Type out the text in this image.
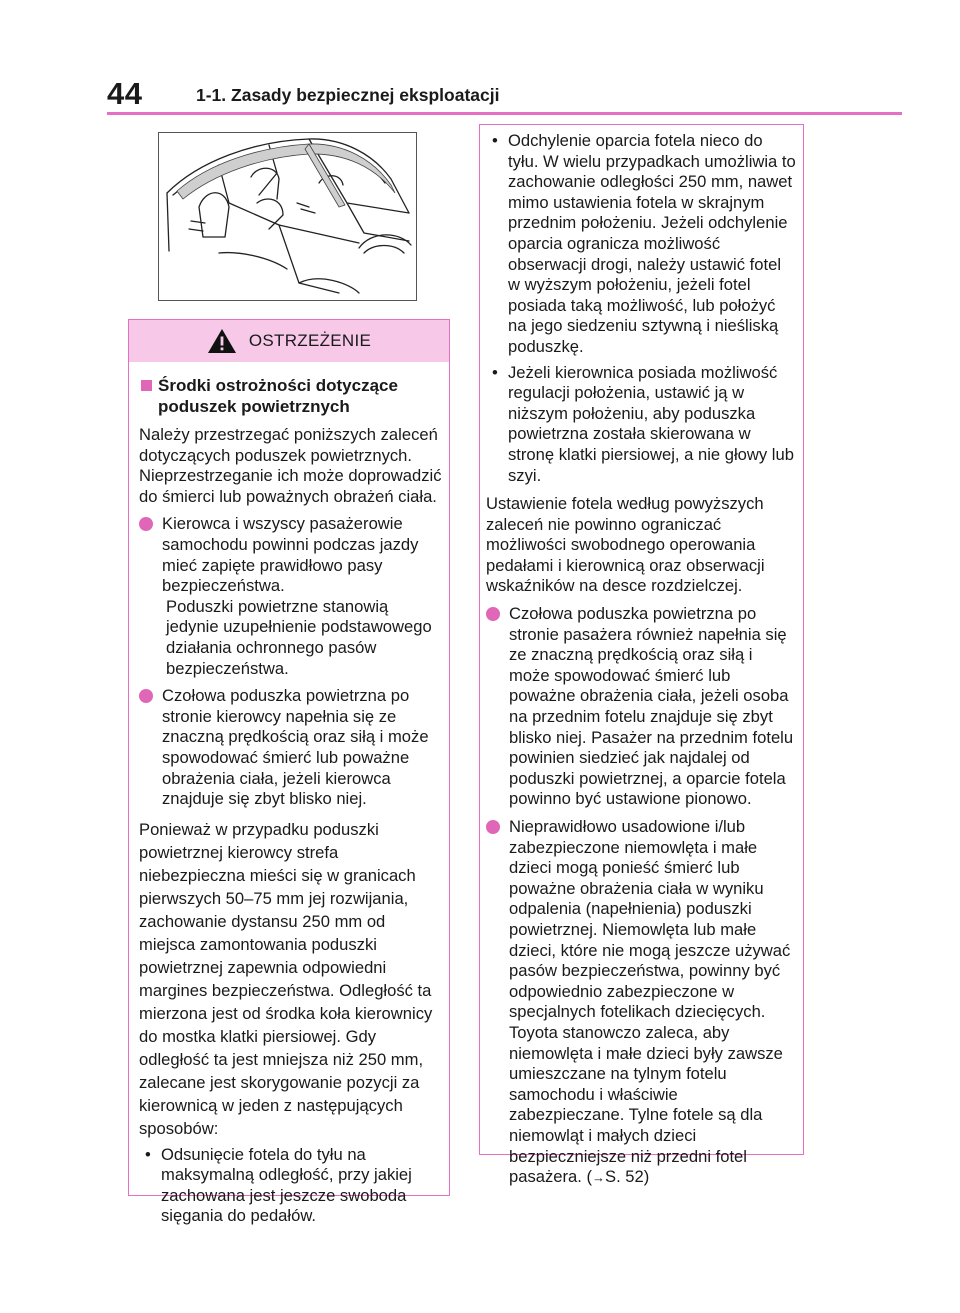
44	1-1. Zasady bezpiecznej eksploatacji
OSTRZEŻENIE
Środki ostrożności dotyczące poduszek powietrznych

Należy przestrzegać poniższych zaleceń dotyczących poduszek powietrznych. Nieprzestrzeganie ich może doprowadzić do śmierci lub poważnych obrażeń ciała.

Kierowca i wszyscy pasażerowie samochodu powinni podczas jazdy mieć zapięte prawidłowo pasy bezpieczeństwa.

Poduszki powietrzne stanowią jedynie uzupełnienie podstawowego działania ochronnego pasów bezpieczeństwa.

Czołowa poduszka powietrzna po stronie kierowcy napełnia się ze znaczną prędkością oraz siłą i może spowodować śmierć lub poważne obrażenia ciała, jeżeli kierowca znajduje się zbyt blisko niej.

Ponieważ w przypadku poduszki powietrznej kierowcy strefa niebezpieczna mieści się w granicach pierwszych 50–75 mm jej rozwijania, zachowanie dystansu 250 mm od miejsca zamontowania poduszki powietrznej zapewnia odpowiedni margines bezpieczeństwa. Odległość ta mierzona jest od środka koła kierownicy do mostka klatki piersiowej. Gdy odległość ta jest mniejsza niż 250 mm, zalecane jest skorygowanie pozycji za kierownicą w jeden z następujących sposobów:

• Odsunięcie fotela do tyłu na maksymalną odległość, przy jakiej zachowana jest jeszcze swoboda sięgania do pedałów.

• Odchylenie oparcia fotela nieco do tyłu. W wielu przypadkach umożliwia to zachowanie odległości 250 mm, nawet mimo ustawienia fotela w skrajnym przednim położeniu. Jeżeli odchylenie oparcia ogranicza możliwość obserwacji drogi, należy ustawić fotel w wyższym położeniu, jeżeli fotel posiada taką możliwość, lub położyć na jego siedzeniu sztywną i nieśliską poduszkę.

• Jeżeli kierownica posiada możliwość regulacji położenia, ustawić ją w niższym położeniu, aby poduszka powietrzna została skierowana w stronę klatki piersiowej, a nie głowy lub szyi.

Ustawienie fotela według powyższych zaleceń nie powinno ograniczać możliwości swobodnego operowania pedałami i kierownicą oraz obserwacji wskaźników na desce rozdzielczej.

Czołowa poduszka powietrzna po stronie pasażera również napełnia się ze znaczną prędkością oraz siłą i może spowodować śmierć lub poważne obrażenia ciała, jeżeli osoba na przednim fotelu znajduje się zbyt blisko niej. Pasażer na przednim fotelu powinien siedzieć jak najdalej od poduszki powietrznej, a oparcie fotela powinno być ustawione pionowo.

Nieprawidłowo usadowione i/lub zabezpieczone niemowlęta i małe dzieci mogą ponieść śmierć lub poważne obrażenia ciała w wyniku odpalenia (napełnienia) poduszki powietrznej. Niemowlęta lub małe dzieci, które nie mogą jeszcze używać pasów bezpieczeństwa, powinny być odpowiednio zabezpieczone w specjalnych fotelikach dziecięcych. Toyota stanowczo zaleca, aby niemowlęta i małe dzieci były zawsze umieszczane na tylnym fotelu samochodu i właściwie zabezpieczane. Tylne fotele są dla niemowląt i małych dzieci bezpieczniejsze niż przedni fotel pasażera. (→S. 52)
